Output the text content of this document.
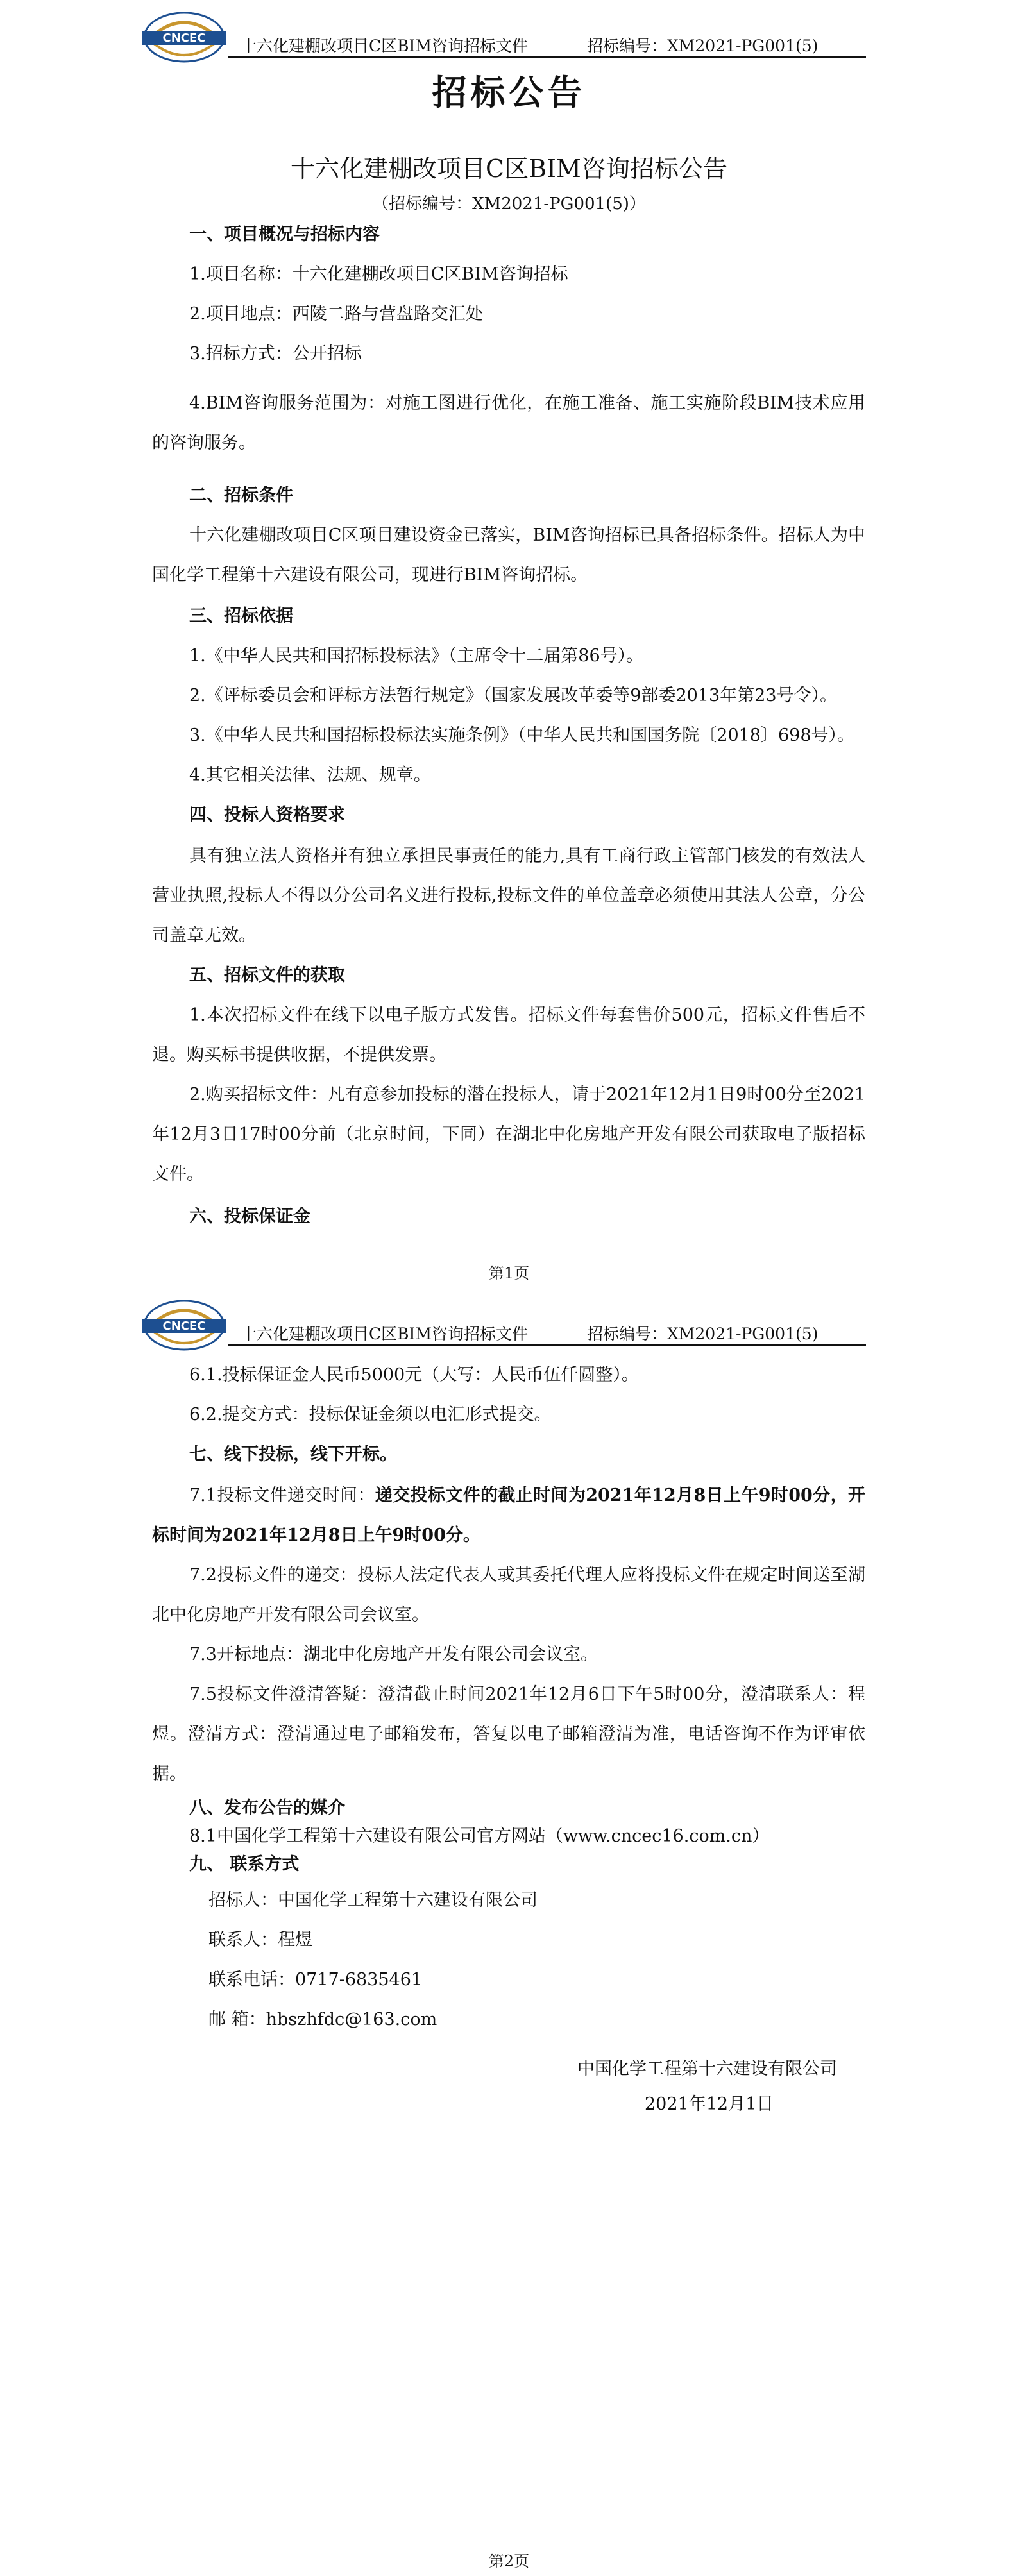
CNCEC 十六化建棚改项目C区BIM咨询招标文件	招标编号：XM2021-PG001(5)
招标公告
十六化建棚改项目C区BIM咨询招标公告
（招标编号：XM2021-PG001(5)）
一、项目概况与招标内容
1.项目名称：十六化建棚改项目C区BIM咨询招标
2.项目地点：西陵二路与营盘路交汇处
3.招标方式：公开招标
4.BIM咨询服务范围为：对施工图进行优化，在施工准备、施工实施阶段BIM技术应用的咨询服务。
二、招标条件
十六化建棚改项目C区项目建设资金已落实，BIM咨询招标已具备招标条件。招标人为中国化学工程第十六建设有限公司，现进行BIM咨询招标。
三、招标依据
1.《中华人民共和国招标投标法》（主席令十二届第86号）。
2.《评标委员会和评标方法暂行规定》（国家发展改革委等9部委2013年第23号令）。
3.《中华人民共和国招标投标法实施条例》（中华人民共和国国务院〔2018〕698号）。
4.其它相关法律、法规、规章。
四、投标人资格要求
具有独立法人资格并有独立承担民事责任的能力,具有工商行政主管部门核发的有效法人营业执照,投标人不得以分公司名义进行投标,投标文件的单位盖章必须使用其法人公章，分公司盖章无效。
五、招标文件的获取
1.本次招标文件在线下以电子版方式发售。招标文件每套售价500元，招标文件售后不退。购买标书提供收据，不提供发票。
2.购买招标文件：凡有意参加投标的潜在投标人，请于2021年12月1日9时00分至2021年12月3日17时00分前（北京时间，下同）在湖北中化房地产开发有限公司获取电子版招标文件。
六、投标保证金
第1页
CNCEC 十六化建棚改项目C区BIM咨询招标文件	招标编号：XM2021-PG001(5)
6.1.投标保证金人民币5000元（大写：人民币伍仟圆整）。
6.2.提交方式：投标保证金须以电汇形式提交。
七、线下投标，线下开标。
7.1投标文件递交时间：递交投标文件的截止时间为2021年12月8日上午9时00分，开标时间为2021年12月8日上午9时00分。
7.2投标文件的递交：投标人法定代表人或其委托代理人应将投标文件在规定时间送至湖北中化房地产开发有限公司会议室。
7.3开标地点：湖北中化房地产开发有限公司会议室。
7.5投标文件澄清答疑：澄清截止时间2021年12月6日下午5时00分，澄清联系人：程煜。澄清方式：澄清通过电子邮箱发布，答复以电子邮箱澄清为准，电话咨询不作为评审依据。
八、发布公告的媒介
8.1中国化学工程第十六建设有限公司官方网站（www.cncec16.com.cn）
九、 联系方式
招标人：中国化学工程第十六建设有限公司
联系人：程煜
联系电话：0717-6835461
邮 箱：hbszhfdc@163.com
中国化学工程第十六建设有限公司
2021年12月1日
第2页
